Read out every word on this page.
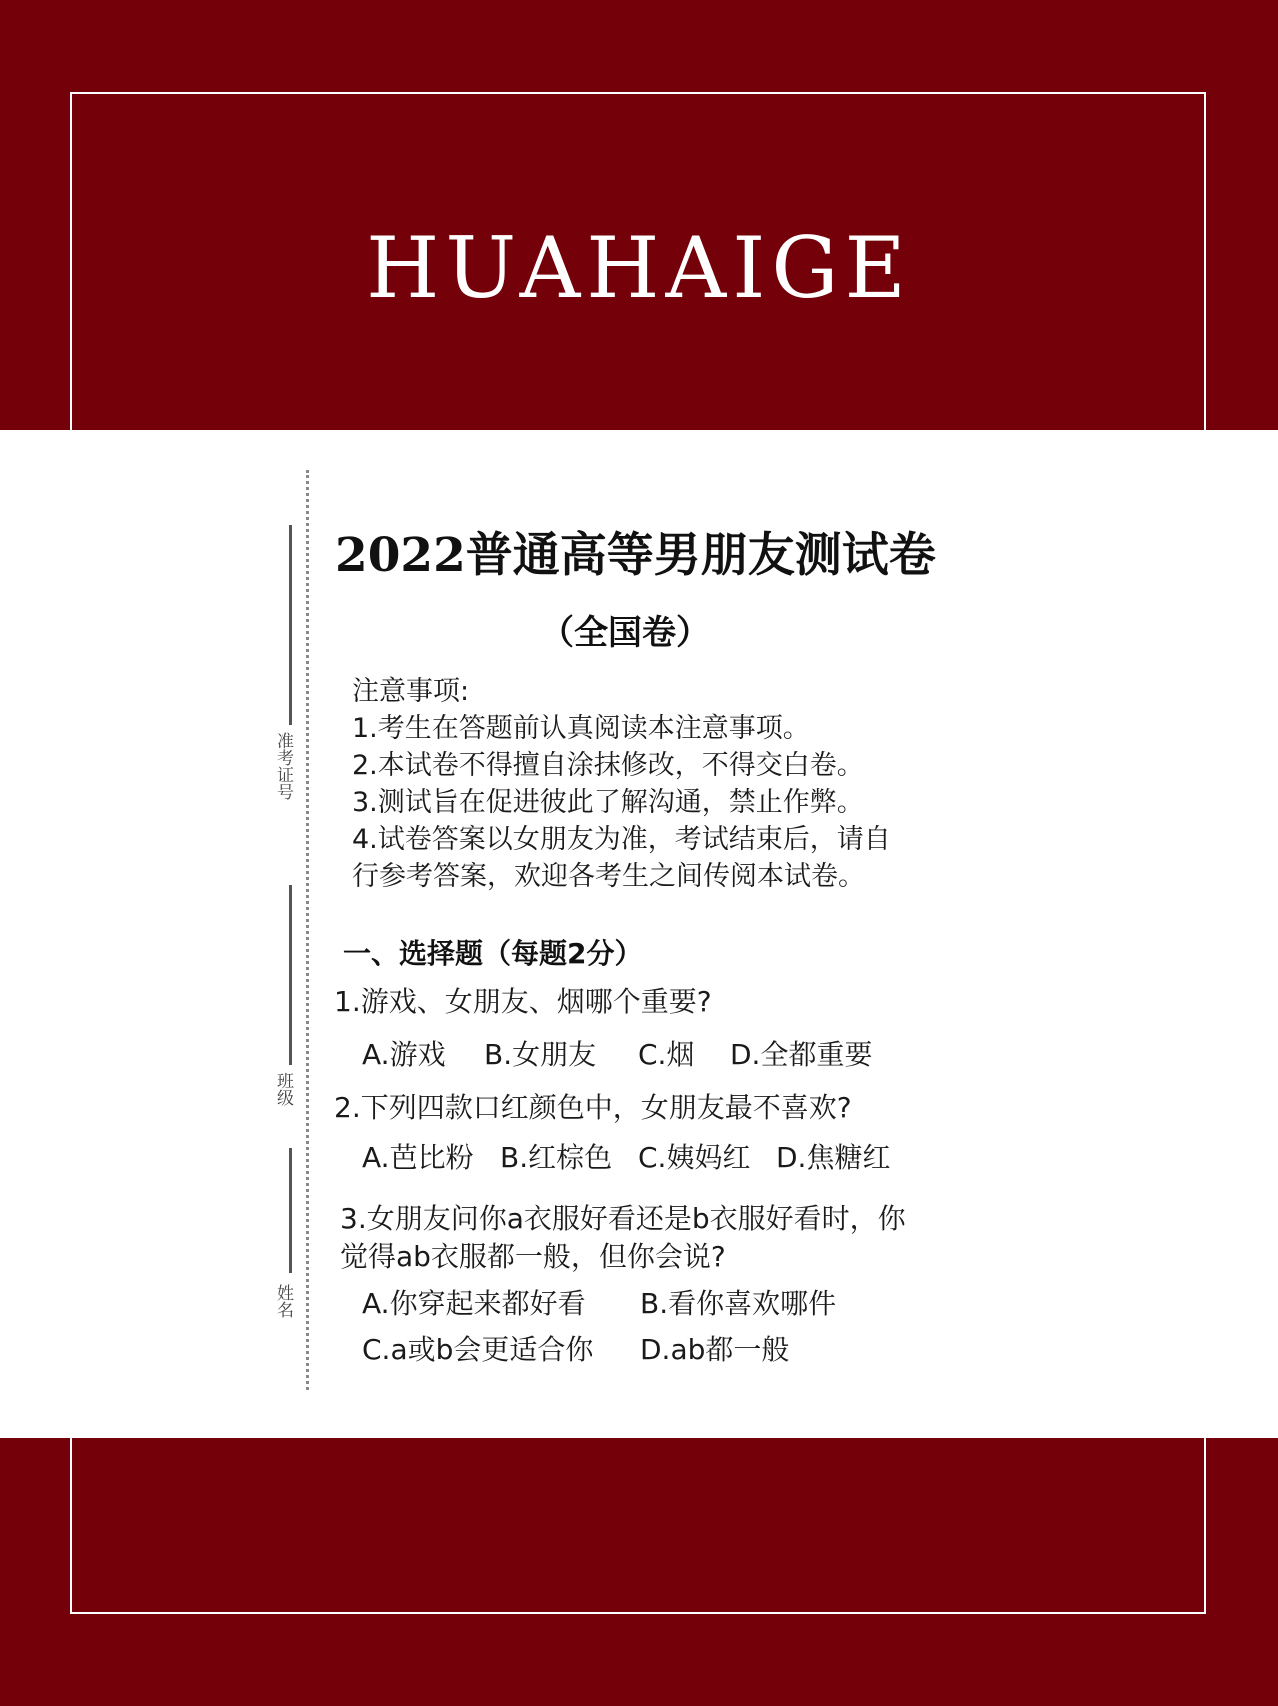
HUAHAIGE
准考证号
班级
姓名
2022普通高等男朋友测试卷
（全国卷）
注意事项:
1.考生在答题前认真阅读本注意事项。
2.本试卷不得擅自涂抹修改，不得交白卷。
3.测试旨在促进彼此了解沟通，禁止作弊。
4.试卷答案以女朋友为准，考试结束后，请自
行参考答案，欢迎各考生之间传阅本试卷。
一、选择题（每题2分）
1.游戏、女朋友、烟哪个重要?
A.游戏 B.女朋友 C.烟 D.全都重要
2.下列四款口红颜色中，女朋友最不喜欢?
A.芭比粉 B.红棕色 C.姨妈红 D.焦糖红
3.女朋友问你a衣服好看还是b衣服好看时，你
觉得ab衣服都一般，但你会说?
A.你穿起来都好看 B.看你喜欢哪件
C.a或b会更适合你 D.ab都一般
